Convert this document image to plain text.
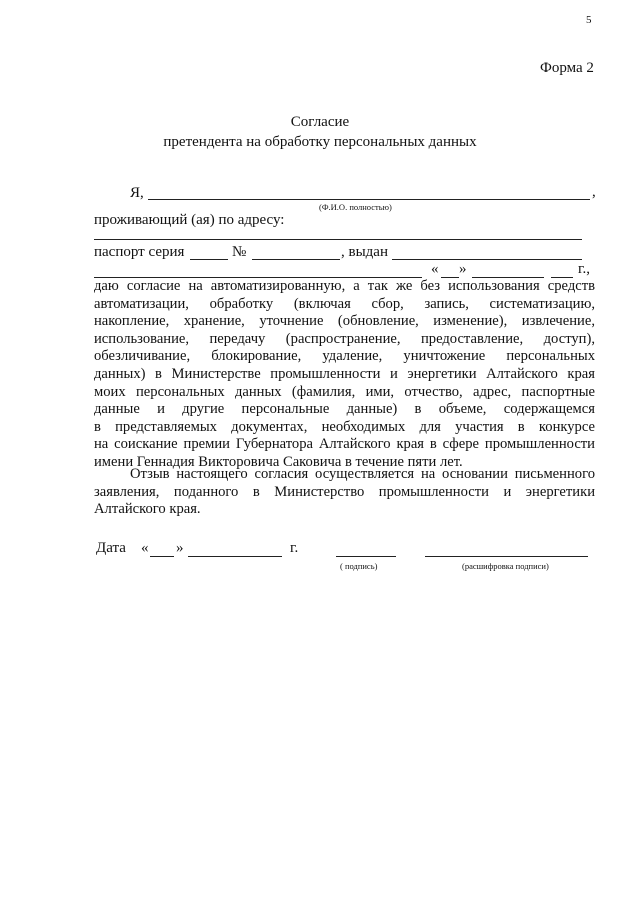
5
Форма 2
Согласие
претендента на обработку персональных данных
Я,	,
(Ф.И.О. полностью)
проживающий (ая) по адресу:
паспорт серия	№	, выдан
« »	г.,
даю согласие на автоматизированную, а так же без использования средств
автоматизации, обработку (включая сбор, запись, систематизацию,
накопление, хранение, уточнение (обновление, изменение), извлечение,
использование, передачу (распространение, предоставление, доступ),
обезличивание, блокирование, удаление, уничтожение персональных
данных) в Министерстве промышленности и энергетики Алтайского края
моих персональных данных (фамилия, ими, отчество, адрес, паспортные
данные и другие персональные данные) в объеме, содержащемся
в представляемых документах, необходимых для участия в конкурсе
на соискание премии Губернатора Алтайского края в сфере промышленности
имени Геннадия Викторовича Саковича в течение пяти лет.
Отзыв настоящего согласия осуществляется на основании письменного
заявления, поданного в Министерство промышленности и энергетики
Алтайского края.
Дата « »	г.
( подпись)	(расшифровка подписи)
